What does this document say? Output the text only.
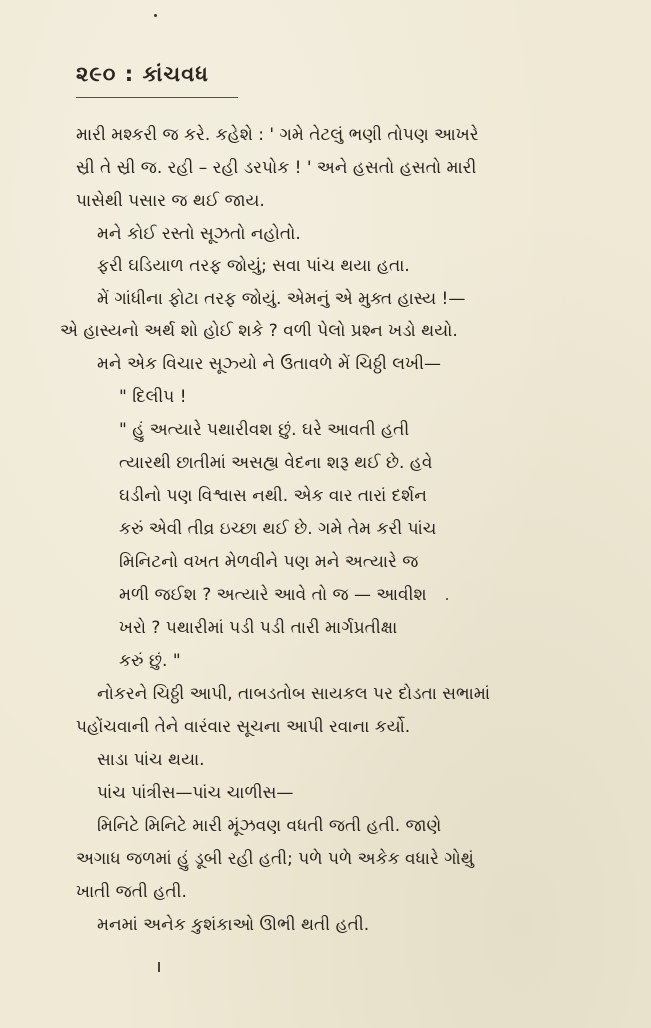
૨૯૦ : કાંચવધ
મારી મશ્કરી જ કરે. કહેશે : ' ગમે તેટલું ભણી તોપણ આખરે
સ્રી તે સ્રી જ. રહી – રહી ડરપોક ! ' અને હસતો હસતો મારી
પાસેથી પસાર જ થઈ જાય.
મને કોઈ રસ્તો સૂઝતો નહોતો.
ફરી ઘડિયાળ તરફ જોયું; સવા પાંચ થયા હતા.
મેં ગાંધીના ફોટા તરફ જોયું. એમનું એ મુક્ત હાસ્ય !—
એ હાસ્યનો અર્થ શો હોઈ શકે ? વળી પેલો પ્રશ્ન ખડો થયો.
મને એક વિચાર સૂઝ્યો ને ઉતાવળે મેં ચિઠ્ઠી લખી—
" દિલીપ !
" હું અત્યારે પથારીવશ છું. ઘરે આવતી હતી
ત્યારથી છાતીમાં અસહ્ય વેદના શરૂ થઈ છે. હવે
ઘડીનો પણ વિશ્વાસ નથી. એક વાર તારાં દર્શન
કરું એવી તીવ્ર ઇચ્છા થઈ છે. ગમે તેમ કરી પાંચ
મિનિટનો વખત મેળવીને પણ મને અત્યારે જ
મળી જઈશ ? અત્યારે આવે તો જ — આવીશ
ખરો ? પથારીમાં પડી પડી તારી માર્ગપ્રતીક્ષા
કરું છું. "
નોકરને ચિઠ્ઠી આપી, તાબડતોબ સાયકલ પર દોડતા સભામાં
પહોંચવાની તેને વારંવાર સૂચના આપી રવાના કર્યો.
સાડા પાંચ થયા.
પાંચ પાંત્રીસ—પાંચ ચાળીસ—
મિનિટે મિનિટે મારી મૂંઝવણ વધતી જતી હતી. જાણે
અગાધ જળમાં હું ડૂબી રહી હતી; પળે પળે અકેક વધારે ગોથું
ખાતી જતી હતી.
મનમાં અનેક કુશંકાઓ ઊભી થતી હતી.
